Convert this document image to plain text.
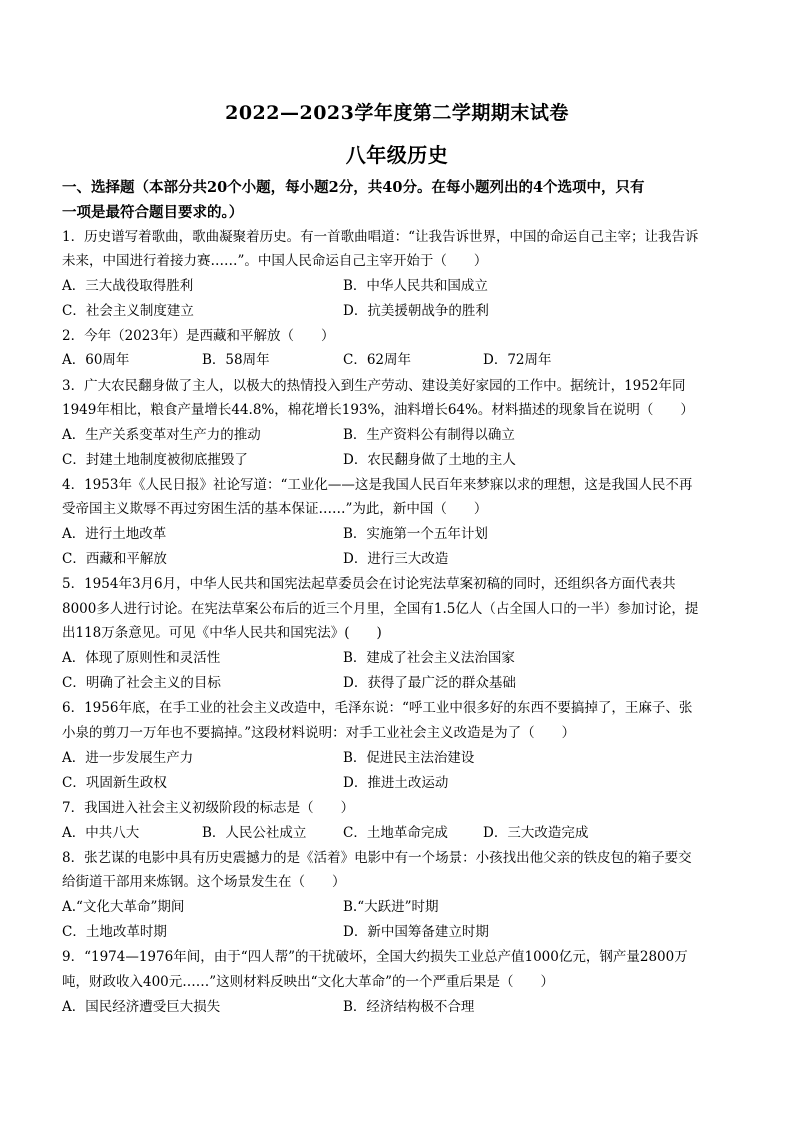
2022—2023学年度第二学期期末试卷
八年级历史
一、选择题（本部分共20个小题，每小题2分，共40分。在每小题列出的4个选项中，只有
一项是最符合题目要求的。）
1．历史谱写着歌曲，歌曲凝聚着历史。有一首歌曲唱道：“让我告诉世界，中国的命运自己主宰；让我告诉
未来，中国进行着接力赛……”。中国人民命运自己主宰开始于（　　）
A．三大战役取得胜利	B．中华人民共和国成立
C．社会主义制度建立	D．抗美援朝战争的胜利
2．今年（2023年）是西藏和平解放（　　）
A．60周年	B．58周年	C．62周年	D．72周年
3．广大农民翻身做了主人，以极大的热情投入到生产劳动、建设美好家园的工作中。据统计，1952年同
1949年相比，粮食产量增长44.8%，棉花增长193%，油料增长64%。材料描述的现象旨在说明（　　）
A．生产关系变革对生产力的推动	B．生产资料公有制得以确立
C．封建土地制度被彻底摧毁了	D．农民翻身做了土地的主人
4．1953年《人民日报》社论写道：“工业化——这是我国人民百年来梦寐以求的理想，这是我国人民不再
受帝国主义欺辱不再过穷困生活的基本保证……”为此，新中国（　　）
A．进行土地改革	B．实施第一个五年计划
C．西藏和平解放	D．进行三大改造
5．1954年3月6月，中华人民共和国宪法起草委员会在讨论宪法草案初稿的同时，还组织各方面代表共
8000多人进行讨论。在宪法草案公布后的近三个月里，全国有1.5亿人（占全国人口的一半）参加讨论，提
出118万条意见。可见《中华人民共和国宪法》(　　)
A．体现了原则性和灵活性	B．建成了社会主义法治国家
C．明确了社会主义的目标	D．获得了最广泛的群众基础
6．1956年底，在手工业的社会主义改造中，毛泽东说：“呼工业中很多好的东西不要搞掉了，王麻子、张
小泉的剪刀一万年也不要搞掉。”这段材料说明：对手工业社会主义改造是为了（　　）
A．进一步发展生产力	B．促进民主法治建设
C．巩固新生政权	D．推进土改运动
7．我国进入社会主义初级阶段的标志是（　　）
A．中共八大	B．人民公社成立	C．土地革命完成	D．三大改造完成
8．张艺谋的电影中具有历史震撼力的是《活着》电影中有一个场景：小孩找出他父亲的铁皮包的箱子要交
给街道干部用来炼钢。这个场景发生在（　　）
A.“文化大革命”期间	B.“大跃进”时期
C．土地改革时期	D．新中国筹备建立时期
9．“1974—1976年间，由于“四人帮”的干扰破坏，全国大约损失工业总产值1000亿元，钢产量2800万
吨，财政收入400元……”这则材料反映出“文化大革命”的一个严重后果是（　　）
A．国民经济遭受巨大损失	B．经济结构极不合理
